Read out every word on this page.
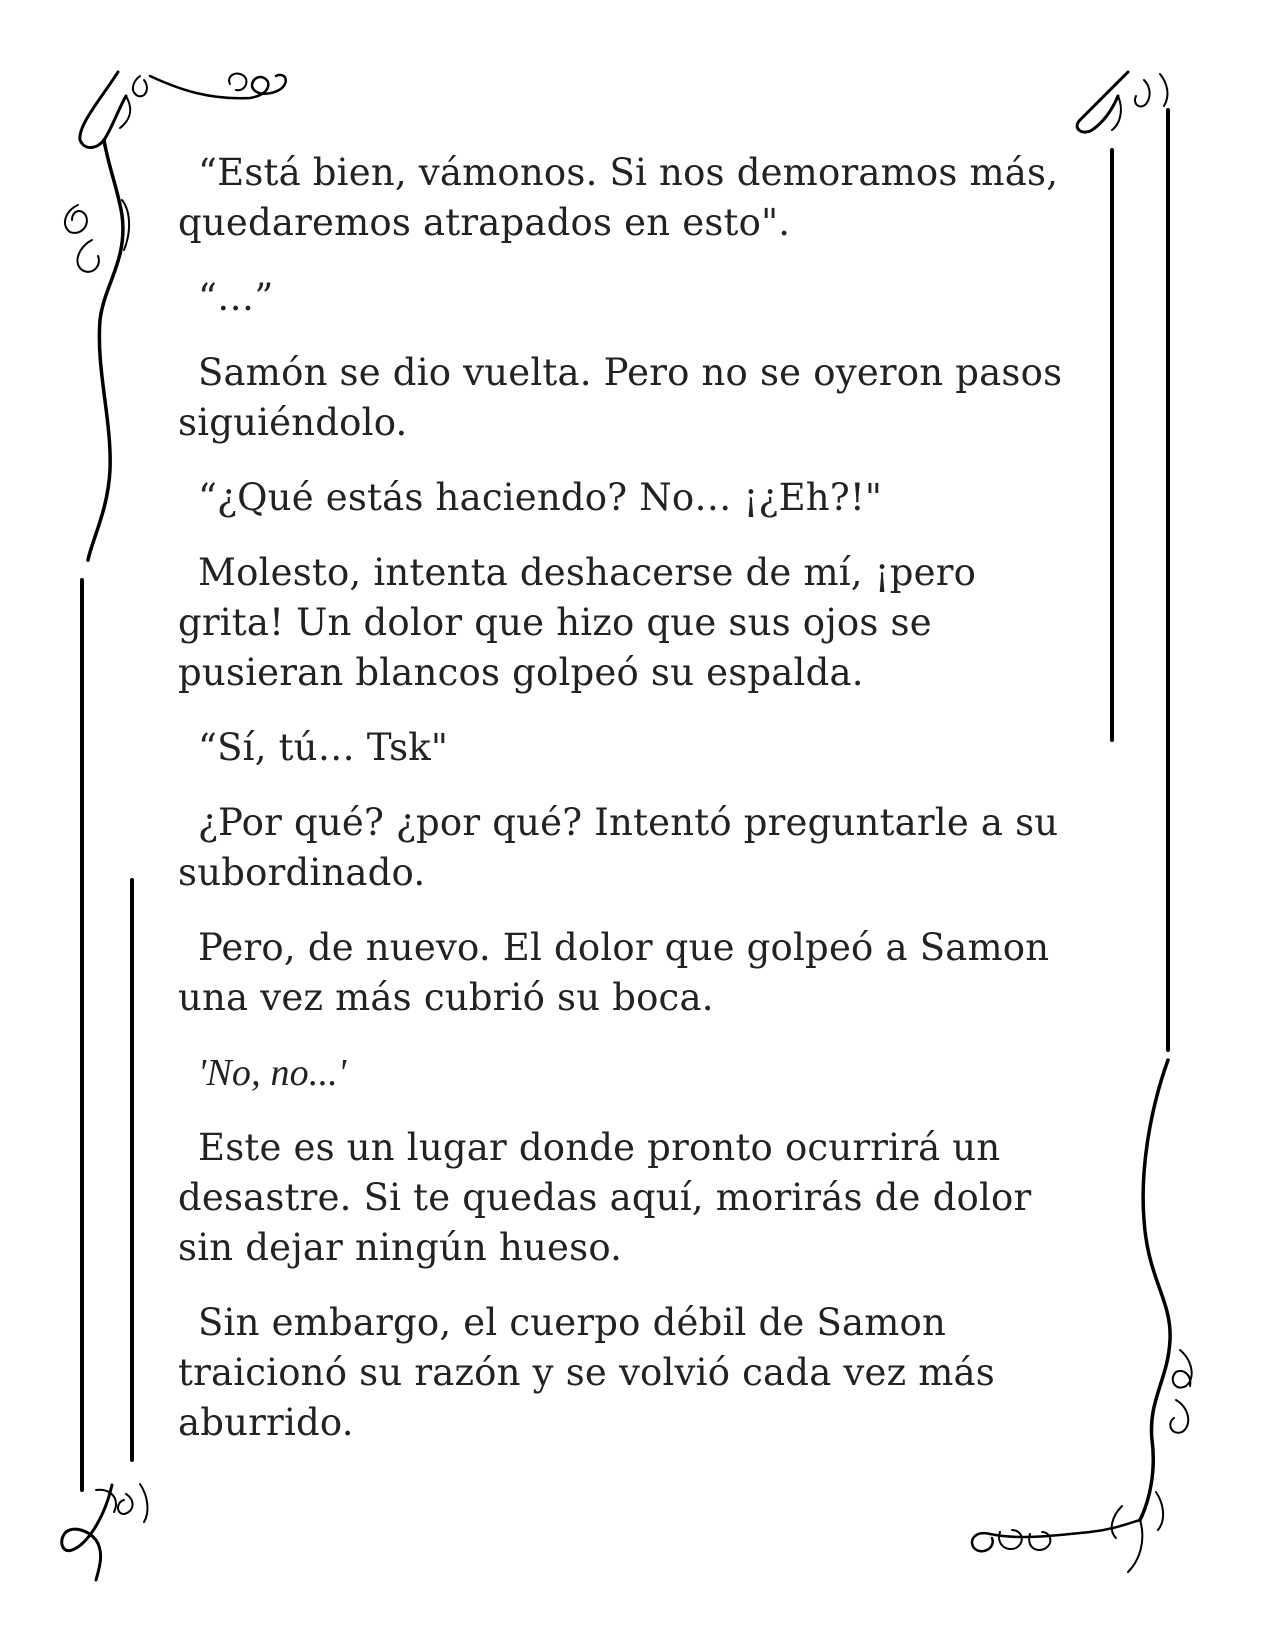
“Está bien, vámonos. Si nos demoramos más, quedaremos atrapados en esto".

“…”

Samón se dio vuelta. Pero no se oyeron pasos siguiéndolo.

“¿Qué estás haciendo? No… ¡¿Eh?!"

Molesto, intenta deshacerse de mí, ¡pero grita! Un dolor que hizo que sus ojos se pusieran blancos golpeó su espalda.

“Sí, tú… Tsk"

¿Por qué? ¿por qué? Intentó preguntarle a su subordinado.

Pero, de nuevo. El dolor que golpeó a Samon una vez más cubrió su boca.

'No, no...'

Este es un lugar donde pronto ocurrirá un desastre. Si te quedas aquí, morirás de dolor sin dejar ningún hueso.

Sin embargo, el cuerpo débil de Samon traicionó su razón y se volvió cada vez más aburrido.
